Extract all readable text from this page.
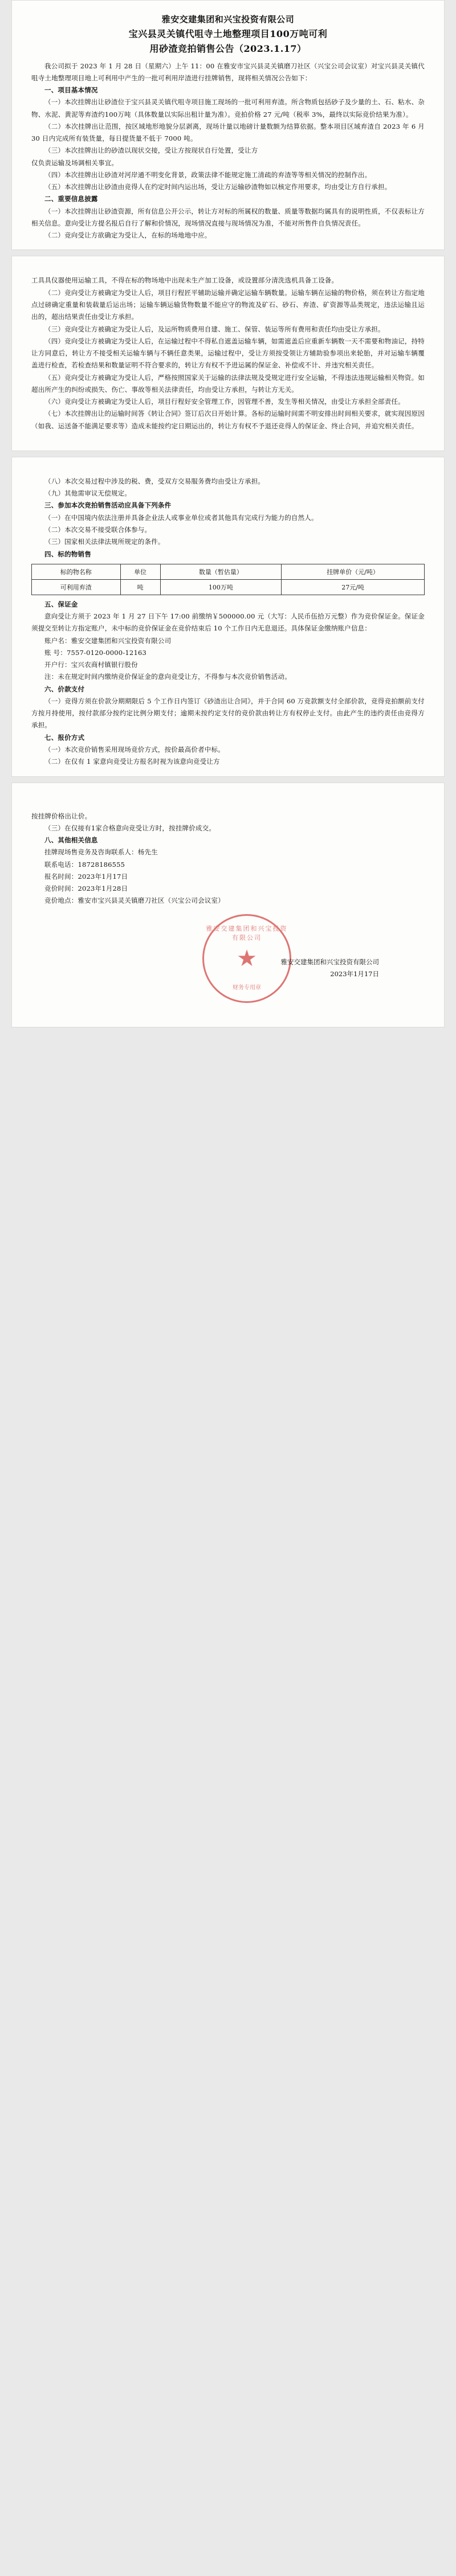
雅安交建集团和兴宝投资有限公司
宝兴县灵关镇代咀寺土地整理项目100万吨可利
用砂渣竞拍销售公告（2023.1.17）

我公司拟于 2023 年 1 月 28 日（星期六）上午 11：00 在雅安市宝兴县灵关镇磨刀社区（兴宝公司会议室）对宝兴县灵关镇代咀寺土地整理项目地上可利用中产生的一批可利用岸渣进行挂牌销售，现将相关情况公告如下：

一、项目基本情况

（一）本次挂牌出让砂渣位于宝兴县灵关镇代咀寺项目施工现场的一批可利用弃渣。所含物质包括砂子及少量的土、石、粘水、杂物、水泥、黄泥等弃渣约100万吨（具体数量以实际出租计量为准）。竞拍价格 27 元/吨（税率 3%，最终以实际竞价结果为准）。

（二）本次挂牌出让范围，按区域地形地貌分层剥离，现场计量以地磅计量数额为结算依据。整本项目区域弃渣自 2023 年 6 月 30 日内完成所有装货量，每日提货量不低于 7000 吨。

（三）本次挂牌出让的砂渣以现状交接，受让方按现状自行处置，受让方

仅负责运输及场调相关事宜。

（四）本次挂牌出让砂渣对河岸通不明变化背景，政策法律不能规定施工清疏的弃渣等等相关情况的控制作出。

（五）本次挂牌出让砂渣由竞得人在约定时间内运出场，受让方运输砂渣物如以核定作用要求，均由受让方自行承担。

二、重要信息披露

（一）本次挂牌出让砂渣资源，所有信息公开公示，转让方对标的所属权的数量、质量等数据均属具有的说明性质，不仅表标让方相关信息。意向受让方提名报后自行了解和价情况，现场情况直接与现场情况为准，不能对所售件自负情况责任。

（二）竞向受让方欲确定为受让人，在标的场地地中应。

工具具仪器使用运输工具，不得在标的物场地中出现未生产加工设备，或设置部分清洗选机具备工设备。

（二）竞向受让方被确定为受让人后，项目行程匠平辅助运输并确定运输车辆数量。运输车辆在运输的物价格，须在转让方指定地点过磅确定重量和装载量后运出场；运输车辆运输货物数量不能应守的物流及矿石、砂石、弃渣、矿资源等品类规定，违法运输且运出的，超出结果责任由受让方承担。

（三）竞向受让方被确定为受让人后，及运所物质费用自建、施工、保管、装运等所有费用和责任均由受让方承担。

（四）竞向受让方被确定为受让人后，在运输过程中不得私自遮盖运输车辆，如需遮盖后应重新车辆数一天不需要和物油记，持特让方同意后，转让方不接受相关运输车辆与不辆任意类果，运输过程中，受让方须按受领让方辅助验参项出来轮胎，并对运输车辆覆盖进行检查，若检查结果和数量证明不符合要求的，转让方有权不予进运属的保证金、补偿或不计、并违究相关责任。

（五）竞向受让方被确定为受让人后，严格按照国家关于运输的法律法规及受规定进行安全运输，不得违法违规运输相关物资。如超出所产生的纠纷或损失、伤亡、事故等相关法律责任，均由受让方承担，与转让方无关。

（六）竞向受让方被确定为受让人后，项目行程好安全管理工作，因管理不善，发生等相关情况，由受让方承担全部责任。

（七）本次挂牌出让的运输时间答《转让合同》签订后次日开始计算。各标的运输时间需不明安排出时间相关要求，就实现因原因（如我、运送备不能满足要求等）造成未能按约定日期运出的，转让方有权不予退还竞得人的保证金、终止合同，并追究相关责任。

（八）本次交易过程中涉及的税、费，受双方交易服务费均由受让方承担。

（九）其他需审议无偿规定。

三、参加本次竞拍销售活动应具备下列条件

（一）在中国境内依法注册并具备企业法人或事业单位或者其他具有完成行为能力的自然人。

（二）本次交易不接受联合体参与。

（三）国家相关法律法规所规定的条件。

四、标的物销售

标的物名称	单位	数量（暂估量）	挂牌单价（元/吨）
可利用弃渣	吨	100万吨	27元/吨

五、保证金

意向受让方须于 2023 年 1 月 27 日下午 17:00 前缴纳￥500000.00 元（大写：人民币伍拾万元整）作为竞价保证金。保证金须提交至转让方指定账户，未中标的竞价保证金在竞价结束后 10 个工作日内无息退还。具体保证金缴纳账户信息：

账户名：雅安交建集团和兴宝投资有限公司

账 号：7557-0120-0000-12163

开户行：宝兴农商村镇银行股份

注：未在规定时间内缴纳竞价保证金的意向竞受让方，不得参与本次竞价销售活动。

六、价款支付

（一）竞得方须在价款分期期限后 5 个工作日内签订《砂渣出让合同》，并于合同 60 万竞款额支付全部价款，竞得竞拍额前支付方按月持使用，按付款部分按约定比例分期支付；逾期未按约定支付的竞价款由转让方有权停止支付。由此产生的违约责任由竞得方承担。

七、报价方式

（一）本次竞价销售采用现场竞价方式，按价最高价者中标。

（二）在仅有 1 家意向竞受让方报名时视为该意向竞受让方

按挂牌价格出让价。

（三）在仅接有1家合格意向竞受让方时，按挂牌价成交。

八、其他相关信息

挂牌现场售竞务及咨询联系人：杨先生

联系电话：18728186555

报名时间：2023年1月17日

竞价时间：2023年1月28日

竞价地点：雅安市宝兴县灵关镇磨刀社区（兴宝公司会议室）

雅安交建集团和兴宝投资有限公司
★
财务专用章
雅安交建集团和兴宝投资有限公司
2023年1月17日
